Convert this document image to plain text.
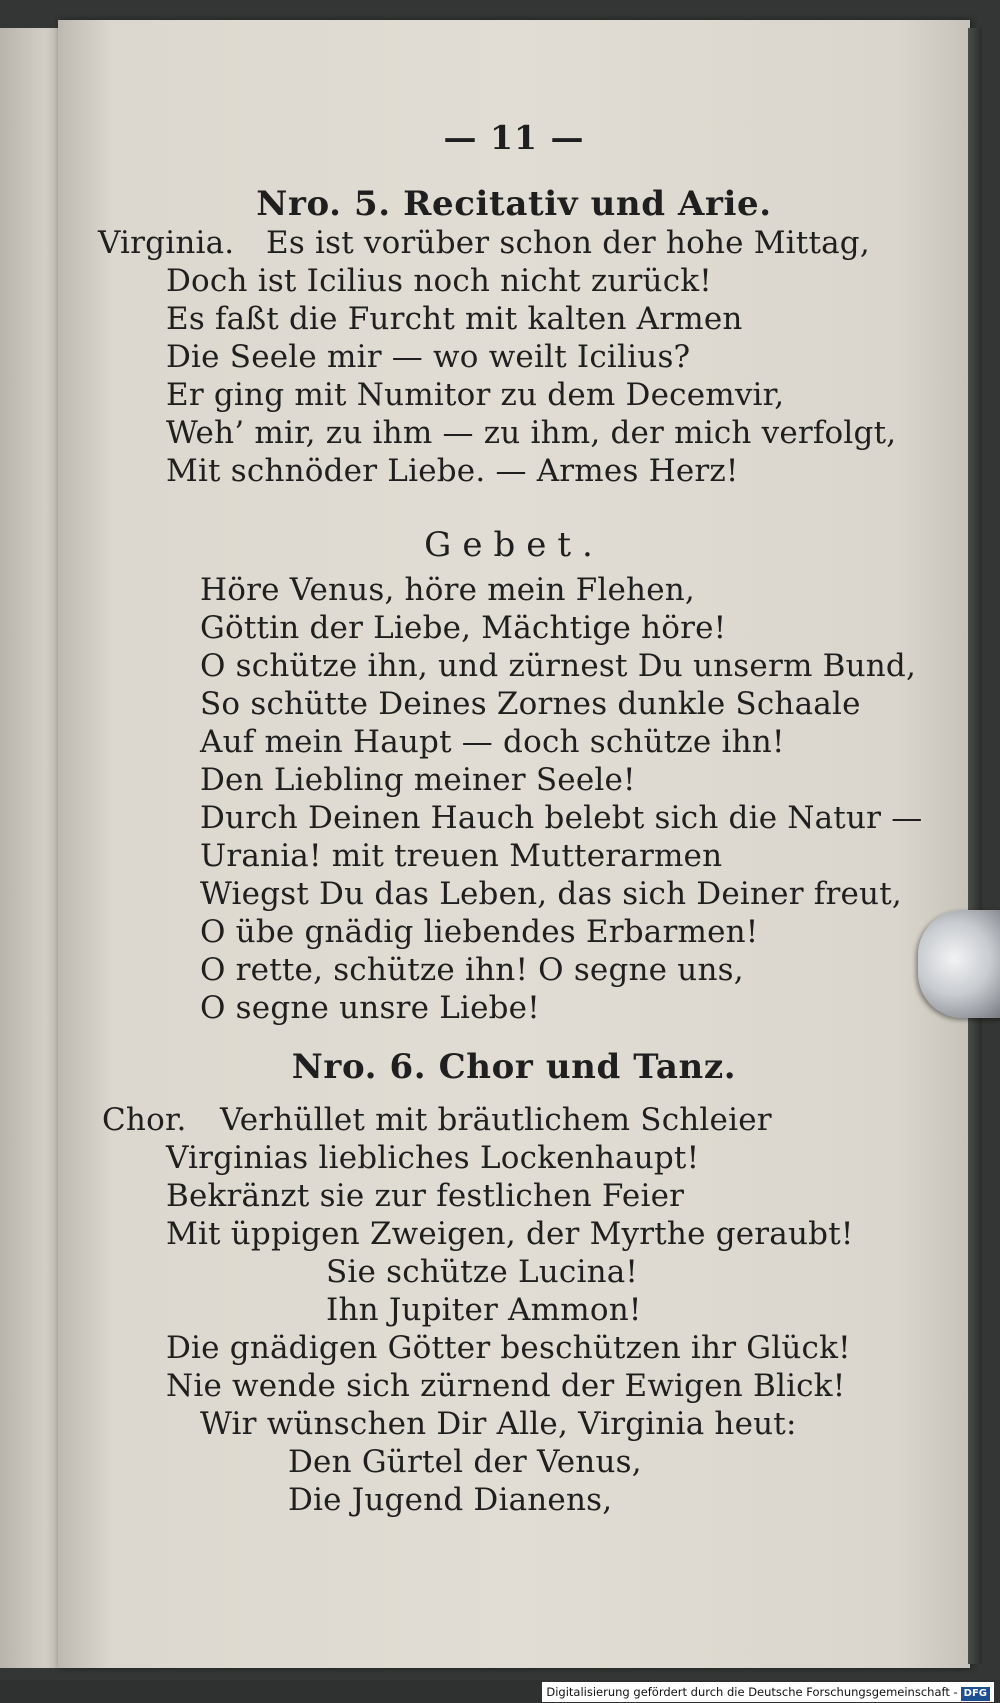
— 11 —
Nro. 5. Recitativ und Arie.
Virginia. Es ist vorüber schon der hohe Mittag,
Doch ist Icilius noch nicht zurück!
Es faßt die Furcht mit kalten Armen
Die Seele mir — wo weilt Icilius?
Er ging mit Numitor zu dem Decemvir,
Weh’ mir, zu ihm — zu ihm, der mich verfolgt,
Mit schnöder Liebe. — Armes Herz!
Gebet.
Höre Venus, höre mein Flehen,
Göttin der Liebe, Mächtige höre!
O schütze ihn, und zürnest Du unserm Bund,
So schütte Deines Zornes dunkle Schaale
Auf mein Haupt — doch schütze ihn!
Den Liebling meiner Seele!
Durch Deinen Hauch belebt sich die Natur —
Urania! mit treuen Mutterarmen
Wiegst Du das Leben, das sich Deiner freut,
O übe gnädig liebendes Erbarmen!
O rette, schütze ihn! O segne uns,
O segne unsre Liebe!
Nro. 6. Chor und Tanz.
Chor. Verhüllet mit bräutlichem Schleier
Virginias liebliches Lockenhaupt!
Bekränzt sie zur festlichen Feier
Mit üppigen Zweigen, der Myrthe geraubt!
Sie schütze Lucina!
Ihn Jupiter Ammon!
Die gnädigen Götter beschützen ihr Glück!
Nie wende sich zürnend der Ewigen Blick!
Wir wünschen Dir Alle, Virginia heut:
Den Gürtel der Venus,
Die Jugend Dianens,
Digitalisierung gefördert durch die Deutsche Forschungsgemeinschaft - DFG
